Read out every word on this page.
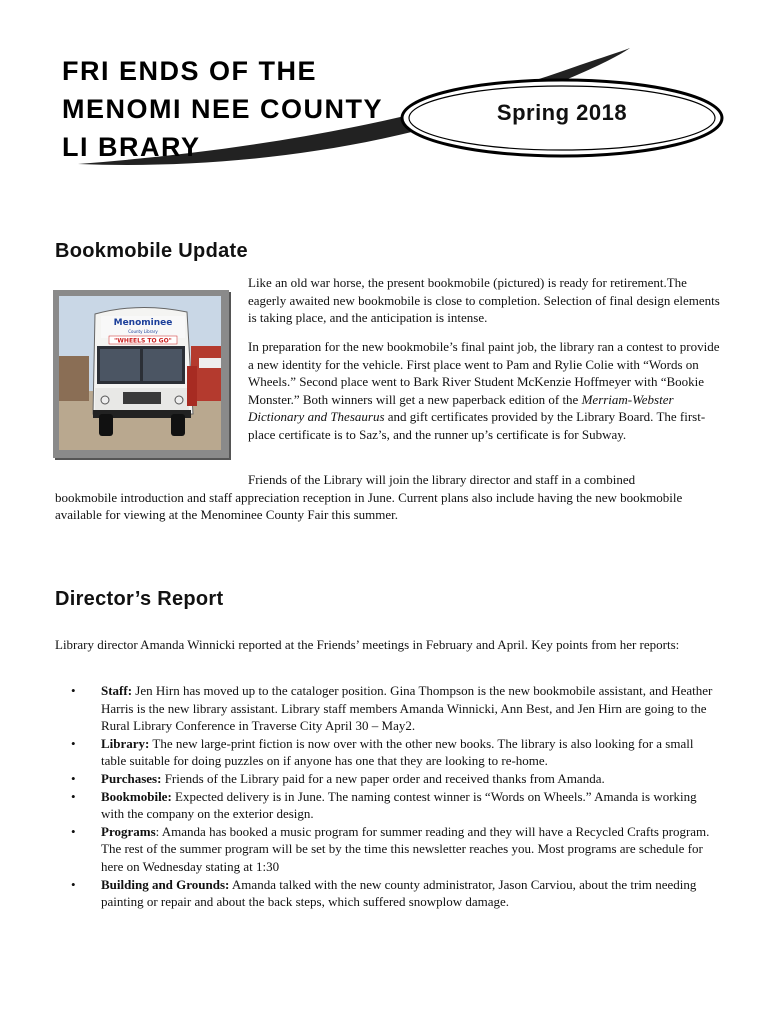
FRI ENDS OF THE
MENOMI NEE COUNTY
LI BRARY
Spring 2018
Bookmobile Update
Menominee
County Library
"WHEELS TO GO"

Like an old war horse, the present bookmobile (pictured) is ready for retirement.The eagerly awaited new bookmobile is close to completion. Selection of final design elements is taking place, and the anticipation is intense.

In preparation for the new bookmobile’s final paint job, the library ran a contest to provide a new identity for the vehicle. First place went to Pam and Rylie Colie with “Words on Wheels.” Second place went to Bark River Student McKenzie Hoffmeyer with “Bookie Monster.” Both winners will get a new paperback edition of the Merriam-Webster Dictionary and Thesaurus and gift certificates provided by the Library Board. The first-place certificate is to Saz’s, and the runner up’s certificate is for Subway.

Friends of the Library will join the library director and staff in a combined

bookmobile introduction and staff appreciation reception in June. Current plans also include having the new bookmobile available for viewing at the Menominee County Fair this summer.

Director’s Report

Library director Amanda Winnicki reported at the Friends’ meetings in February and April. Key points from her reports:

• Staff: Jen Hirn has moved up to the cataloger position. Gina Thompson is the new bookmobile assistant, and Heather Harris is the new library assistant. Library staff members Amanda Winnicki, Ann Best, and Jen Hirn are going to the Rural Library Conference in Traverse City April 30 – May2.
• Library: The new large-print fiction is now over with the other new books. The library is also looking for a small table suitable for doing puzzles on if anyone has one that they are looking to re-home.
• Purchases: Friends of the Library paid for a new paper order and received thanks from Amanda.
• Bookmobile: Expected delivery is in June. The naming contest winner is “Words on Wheels.” Amanda is working with the company on the exterior design.
• Programs: Amanda has booked a music program for summer reading and they will have a Recycled Crafts program. The rest of the summer program will be set by the time this newsletter reaches you. Most programs are schedule for here on Wednesday stating at 1:30
• Building and Grounds: Amanda talked with the new county administrator, Jason Carviou, about the trim needing painting or repair and about the back steps, which suffered snowplow damage.
